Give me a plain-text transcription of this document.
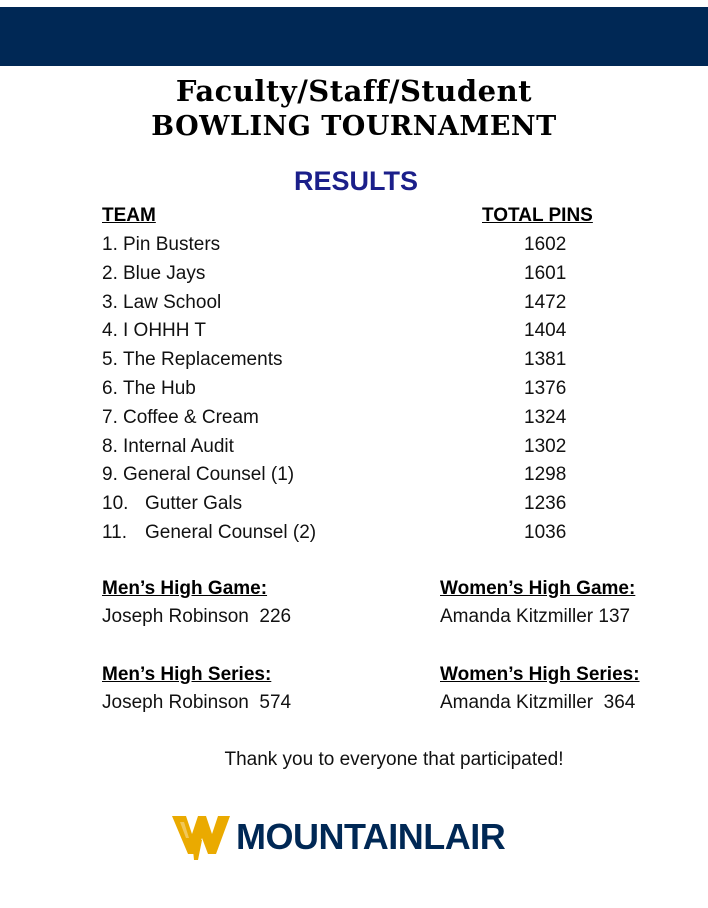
Faculty/Staff/Student
BOWLING TOURNAMENT
RESULTS
TEAM	TOTAL PINS
1. Pin Busters	1602
2. Blue Jays	1601
3. Law School	1472
4. I OHHH T	1404
5. The Replacements	1381
6. The Hub	1376
7. Coffee & Cream	1324
8. Internal Audit	1302
9. General Counsel (1)	1298
10. Gutter Gals	1236
11. General Counsel (2)	1036
Men’s High Game:
Joseph Robinson  226
Women’s High Game:
Amanda Kitzmiller 137
Men’s High Series:
Joseph Robinson  574
Women’s High Series:
Amanda Kitzmiller  364
Thank you to everyone that participated!
MOUNTAINLAIR
